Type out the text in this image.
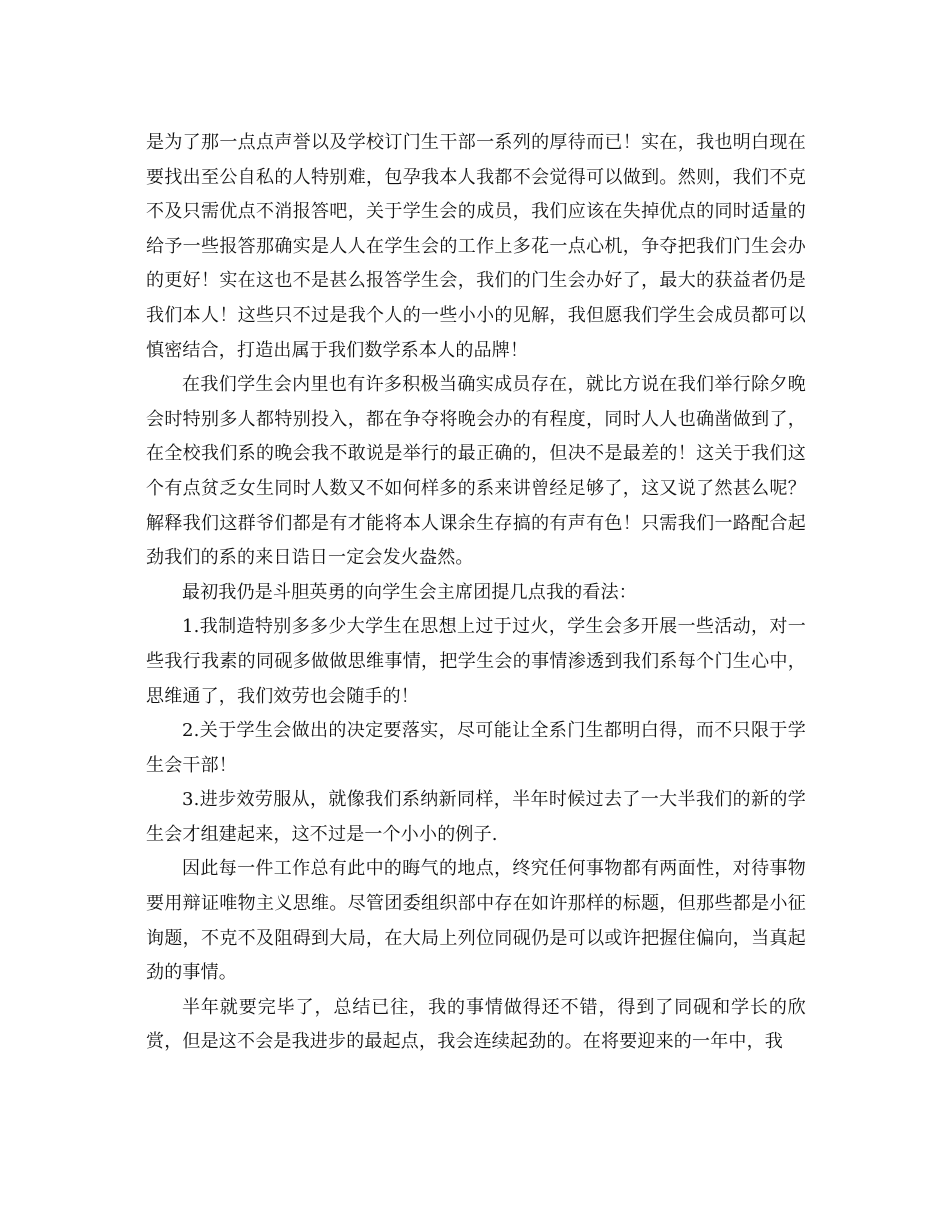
是为了那一点点声誉以及学校订门生干部一系列的厚待而已！实在，我也明白现在要找出至公自私的人特别难，包孕我本人我都不会觉得可以做到。然则，我们不克不及只需优点不消报答吧，关于学生会的成员，我们应该在失掉优点的同时适量的给予一些报答那确实是人人在学生会的工作上多花一点心机，争夺把我们门生会办的更好！实在这也不是甚么报答学生会，我们的门生会办好了，最大的获益者仍是我们本人！这些只不过是我个人的一些小小的见解，我但愿我们学生会成员都可以慎密结合，打造出属于我们数学系本人的品牌！

在我们学生会内里也有许多积极当确实成员存在，就比方说在我们举行除夕晚会时特别多人都特别投入，都在争夺将晚会办的有程度，同时人人也确凿做到了，在全校我们系的晚会我不敢说是举行的最正确的，但决不是最差的！这关于我们这个有点贫乏女生同时人数又不如何样多的系来讲曾经足够了，这又说了然甚么呢？解释我们这群爷们都是有才能将本人课余生存搞的有声有色！只需我们一路配合起劲我们的系的来日诰日一定会发火盎然。

最初我仍是斗胆英勇的向学生会主席团提几点我的看法：

1.我制造特别多多少大学生在思想上过于过火，学生会多开展一些活动，对一些我行我素的同砚多做做思维事情，把学生会的事情渗透到我们系每个门生心中，思维通了，我们效劳也会随手的！

2.关于学生会做出的决定要落实，尽可能让全系门生都明白得，而不只限于学生会干部！

3.进步效劳服从，就像我们系纳新同样，半年时候过去了一大半我们的新的学生会才组建起来，这不过是一个小小的例子.

因此每一件工作总有此中的晦气的地点，终究任何事物都有两面性，对待事物要用辩证唯物主义思维。尽管团委组织部中存在如许那样的标题，但那些都是小征询题，不克不及阻碍到大局，在大局上列位同砚仍是可以或许把握住偏向，当真起劲的事情。

半年就要完毕了，总结已往，我的事情做得还不错，得到了同砚和学长的欣赏，但是这不会是我进步的最起点，我会连续起劲的。在将要迎来的一年中，我
